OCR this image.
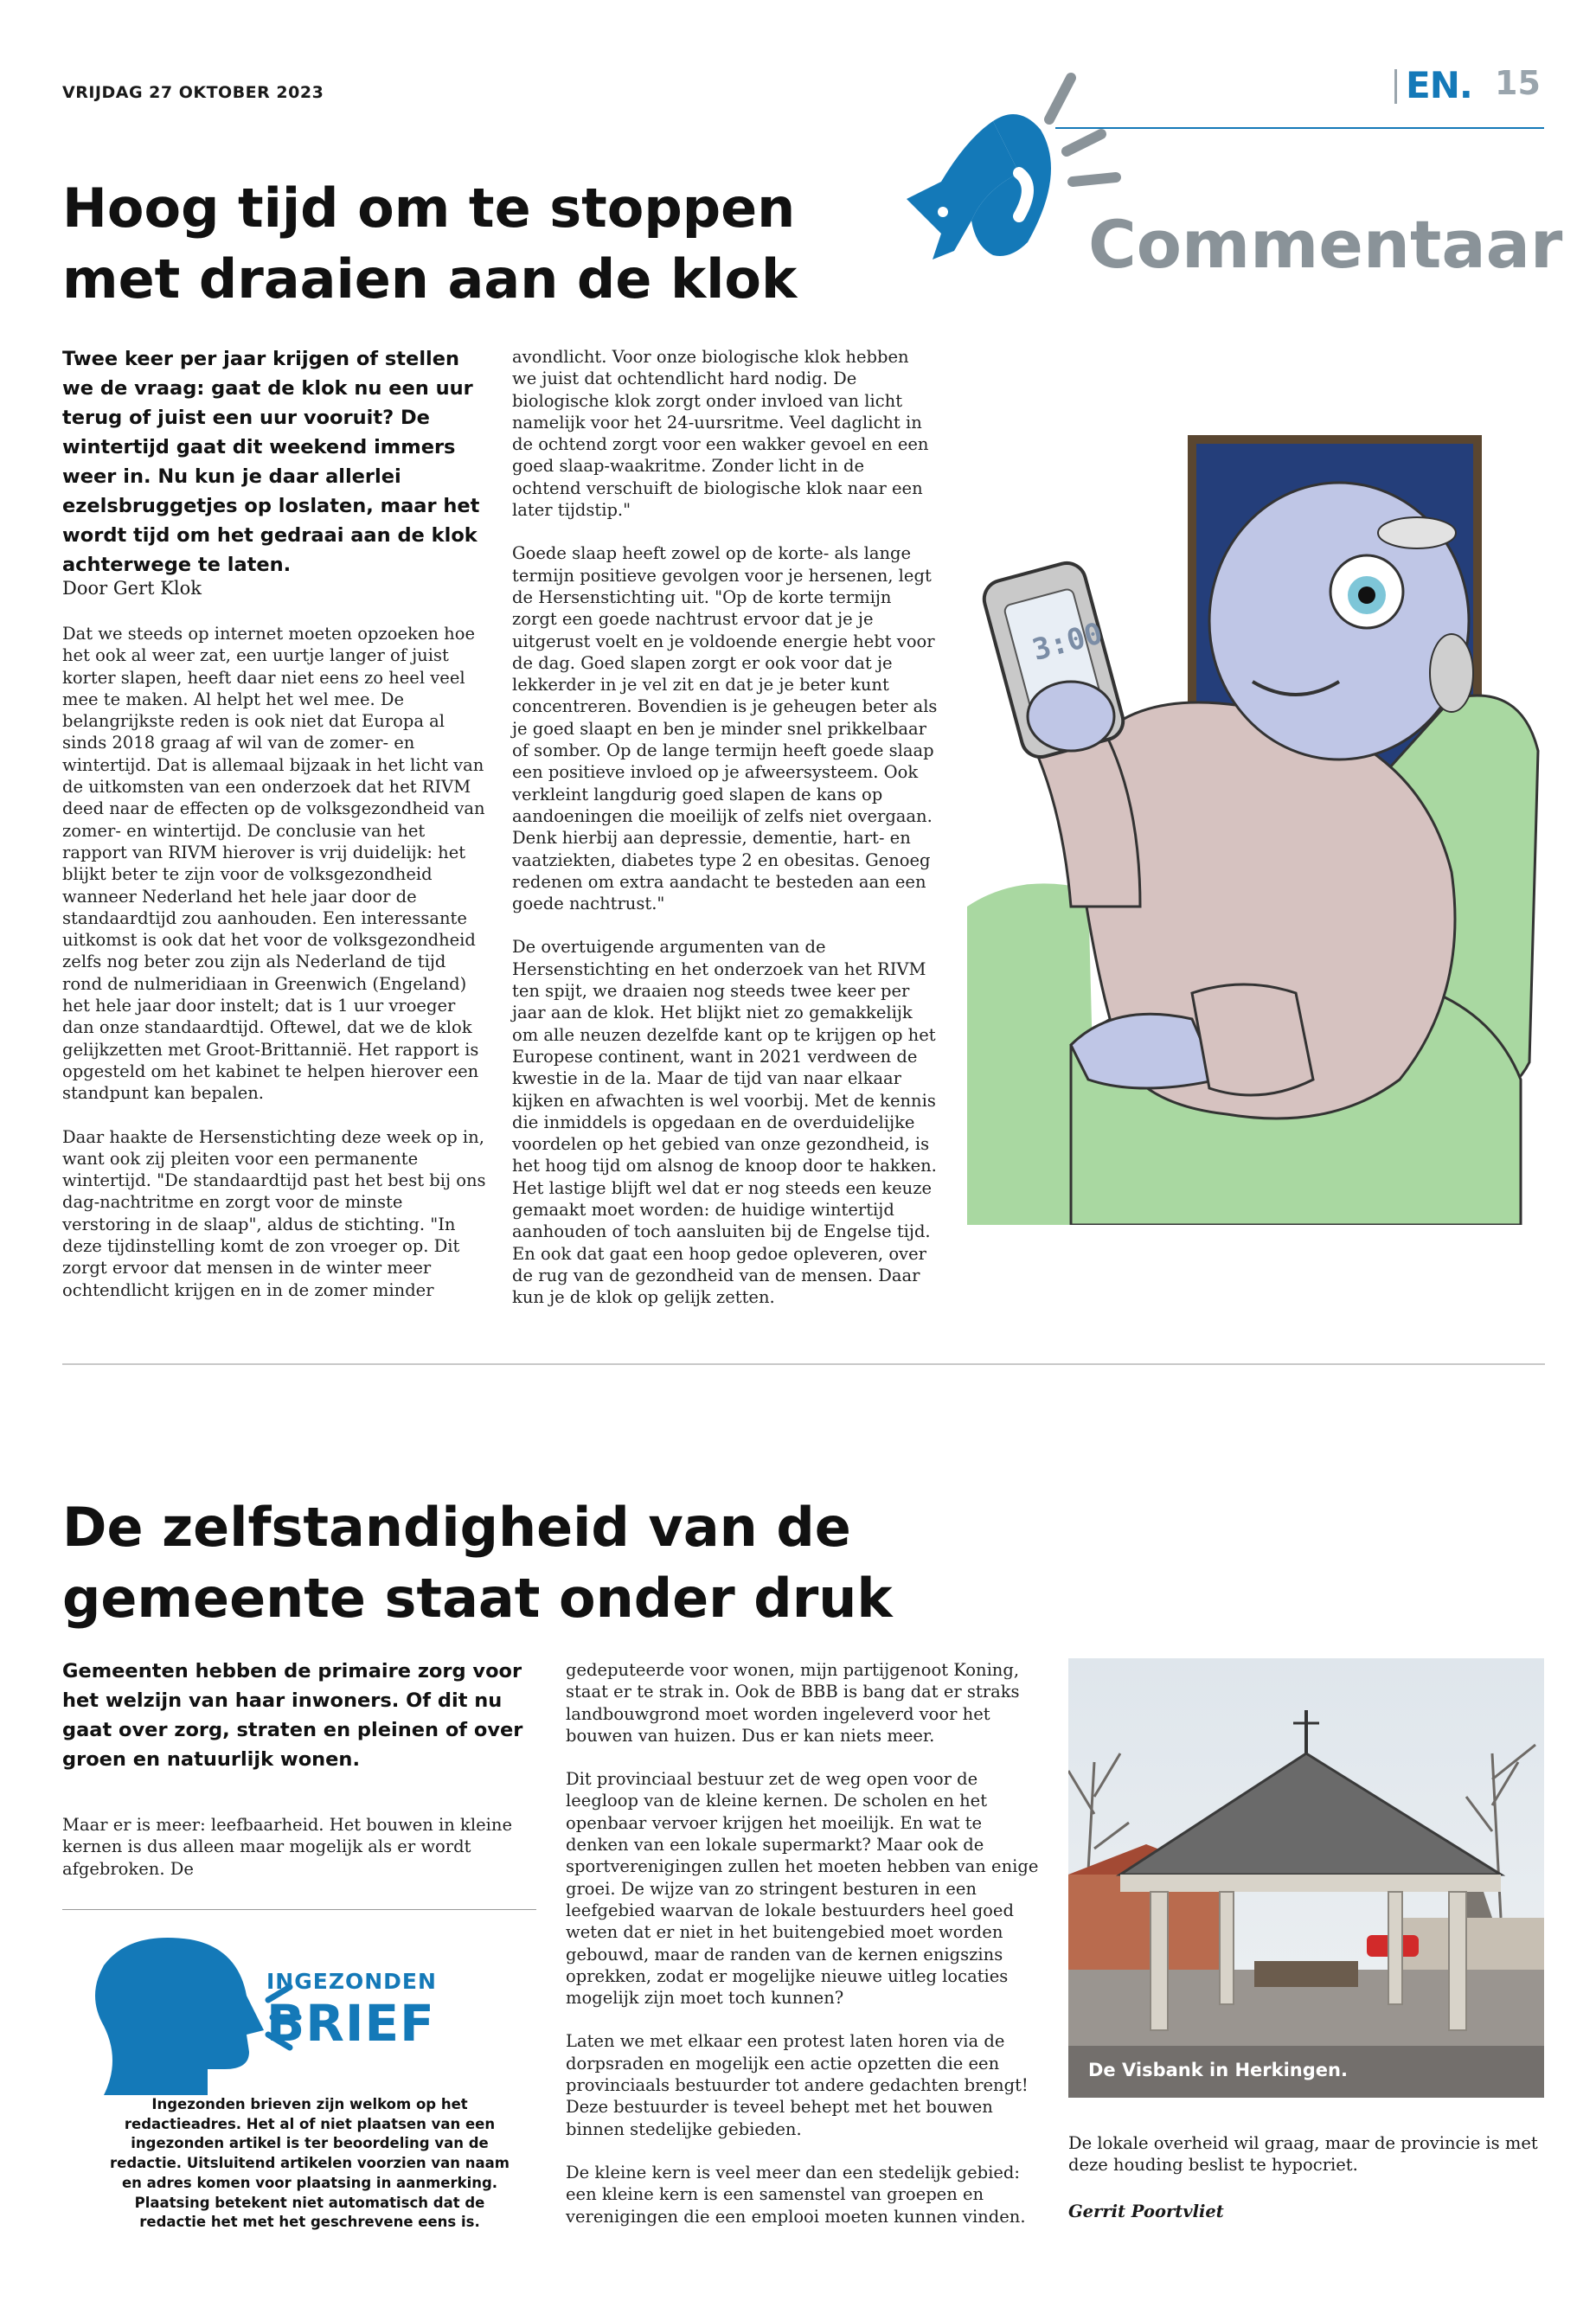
VRIJDAG 27 OKTOBER 2023	EN. 15
Commentaar
Hoog tijd om te stoppen met draaien aan de klok
Twee keer per jaar krijgen of stellen we de vraag: gaat de klok nu een uur terug of juist een uur vooruit? De wintertijd gaat dit weekend immers weer in. Nu kun je daar allerlei ezelsbruggetjes op loslaten, maar het wordt tijd om het gedraai aan de klok achterwege te laten.
Door Gert Klok

Dat we steeds op internet moeten opzoeken hoe het ook al weer zat, een uurtje langer of juist korter slapen, heeft daar niet eens zo heel veel mee te maken. Al helpt het wel mee. De belangrijkste reden is ook niet dat Europa al sinds 2018 graag af wil van de zomer- en wintertijd. Dat is allemaal bijzaak in het licht van de uitkomsten van een onderzoek dat het RIVM deed naar de effecten op de volksgezondheid van zomer- en wintertijd. De conclusie van het rapport van RIVM hierover is vrij duidelijk: het blijkt beter te zijn voor de volksgezondheid wanneer Nederland het hele jaar door de standaardtijd zou aanhouden. Een interessante uitkomst is ook dat het voor de volksgezondheid zelfs nog beter zou zijn als Nederland de tijd rond de nulmeridiaan in Greenwich (Engeland) het hele jaar door instelt; dat is 1 uur vroeger dan onze standaardtijd. Oftewel, dat we de klok gelijkzetten met Groot-Brittannië. Het rapport is opgesteld om het kabinet te helpen hierover een standpunt kan bepalen.

Daar haakte de Hersenstichting deze week op in, want ook zij pleiten voor een permanente wintertijd. "De standaardtijd past het best bij ons dag-nachtritme en zorgt voor de minste verstoring in de slaap", aldus de stichting. "In deze tijdinstelling komt de zon vroeger op. Dit zorgt ervoor dat mensen in de winter meer ochtendlicht krijgen en in de zomer minder

avondlicht. Voor onze biologische klok hebben we juist dat ochtendlicht hard nodig. De biologische klok zorgt onder invloed van licht namelijk voor het 24-uursritme. Veel daglicht in de ochtend zorgt voor een wakker gevoel en een goed slaap-waakritme. Zonder licht in de ochtend verschuift de biologische klok naar een later tijdstip."

Goede slaap heeft zowel op de korte- als lange termijn positieve gevolgen voor je hersenen, legt de Hersenstichting uit. "Op de korte termijn zorgt een goede nachtrust ervoor dat je je uitgerust voelt en je voldoende energie hebt voor de dag. Goed slapen zorgt er ook voor dat je lekkerder in je vel zit en dat je je beter kunt concentreren. Bovendien is je geheugen beter als je goed slaapt en ben je minder snel prikkelbaar of somber. Op de lange termijn heeft goede slaap een positieve invloed op je afweersysteem. Ook verkleint langdurig goed slapen de kans op aandoeningen die moeilijk of zelfs niet overgaan. Denk hierbij aan depressie, dementie, hart- en vaatziekten, diabetes type 2 en obesitas. Genoeg redenen om extra aandacht te besteden aan een goede nachtrust."

De overtuigende argumenten van de Hersenstichting en het onderzoek van het RIVM ten spijt, we draaien nog steeds twee keer per jaar aan de klok. Het blijkt niet zo gemakkelijk om alle neuzen dezelfde kant op te krijgen op het Europese continent, want in 2021 verdween de kwestie in de la. Maar de tijd van naar elkaar kijken en afwachten is wel voorbij. Met de kennis die inmiddels is opgedaan en de overduidelijke voordelen op het gebied van onze gezondheid, is het hoog tijd om alsnog de knoop door te hakken. Het lastige blijft wel dat er nog steeds een keuze gemaakt moet worden: de huidige wintertijd aanhouden of toch aansluiten bij de Engelse tijd. En ook dat gaat een hoop gedoe opleveren, over de rug van de gezondheid van de mensen. Daar kun je de klok op gelijk zetten.

3:00
De zelfstandigheid van de gemeente staat onder druk
Gemeenten hebben de primaire zorg voor het welzijn van haar inwoners. Of dit nu gaat over zorg, straten en pleinen of over groen en natuurlijk wonen.

Maar er is meer: leefbaarheid. Het bouwen in kleine kernen is dus alleen maar mogelijk als er wordt afgebroken. De

gedeputeerde voor wonen, mijn partijgenoot Koning, staat er te strak in. Ook de BBB is bang dat er straks landbouwgrond moet worden ingeleverd voor het bouwen van huizen. Dus er kan niets meer.

Dit provinciaal bestuur zet de weg open voor de leegloop van de kleine kernen. De scholen en het openbaar vervoer krijgen het moeilijk. En wat te denken van een lokale supermarkt? Maar ook de sportverenigingen zullen het moeten hebben van enige groei. De wijze van zo stringent besturen in een leefgebied waarvan de lokale bestuurders heel goed weten dat er niet in het buitengebied moet worden gebouwd, maar de randen van de kernen enigszins oprekken, zodat er mogelijke nieuwe uitleg locaties mogelijk zijn moet toch kunnen?

Laten we met elkaar een protest laten horen via de dorpsraden en mogelijk een actie opzetten die een provinciaals bestuurder tot andere gedachten brengt! Deze bestuurder is teveel behept met het bouwen binnen stedelijke gebieden.

De kleine kern is veel meer dan een stedelijk gebied: een kleine kern is een samenstel van groepen en verenigingen die een emplooi moeten kunnen vinden.

INGEZONDEN
BRIEF
Ingezonden brieven zijn welkom op het redactieadres. Het al of niet plaatsen van een ingezonden artikel is ter beoordeling van de redactie. Uitsluitend artikelen voorzien van naam en adres komen voor plaatsing in aanmerking. Plaatsing betekent niet automatisch dat de redactie het met het geschrevene eens is.
De Visbank in Herkingen.
De lokale overheid wil graag, maar de provincie is met deze houding beslist te hypocriet.
Gerrit Poortvliet
